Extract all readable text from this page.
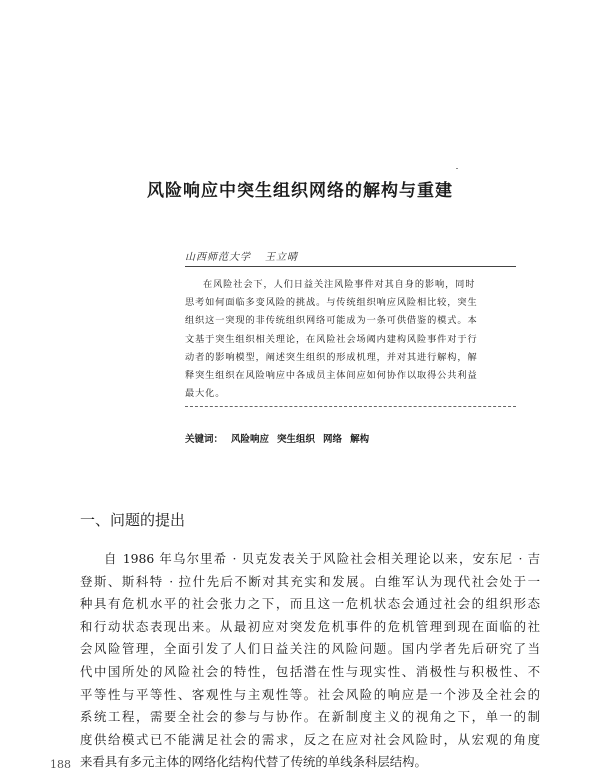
风险响应中突生组织网络的解构与重建
山西师范大学 王立晴
在风险社会下，人们日益关注风险事件对其自身的影响，同时
思考如何面临多变风险的挑战。与传统组织响应风险相比较，突生
组织这一突现的非传统组织网络可能成为一条可供借鉴的模式。本
文基于突生组织相关理论，在风险社会场阈内建构风险事件对于行
动者的影响模型，阐述突生组织的形成机理，并对其进行解构，解
释突生组织在风险响应中各成员主体间应如何协作以取得公共利益
最大化。

关键词： 风险响应 突生组织 网络 解构

一、问题的提出
自 1986 年乌尔里希 · 贝克发表关于风险社会相关理论以来，安东尼 · 吉
登斯、斯科特 · 拉什先后不断对其充实和发展。白维军认为现代社会处于一
种具有危机水平的社会张力之下，而且这一危机状态会通过社会的组织形态
和行动状态表现出来。从最初应对突发危机事件的危机管理到现在面临的社
会风险管理，全面引发了人们日益关注的风险问题。国内学者先后研究了当
代中国所处的风险社会的特性，包括潜在性与现实性、消极性与积极性、不
平等性与平等性、客观性与主观性等。社会风险的响应是一个涉及全社会的
系统工程，需要全社会的参与与协作。在新制度主义的视角之下，单一的制
度供给模式已不能满足社会的需求，反之在应对社会风险时，从宏观的角度
来看具有多元主体的网络化结构代替了传统的单线条科层结构。
188
